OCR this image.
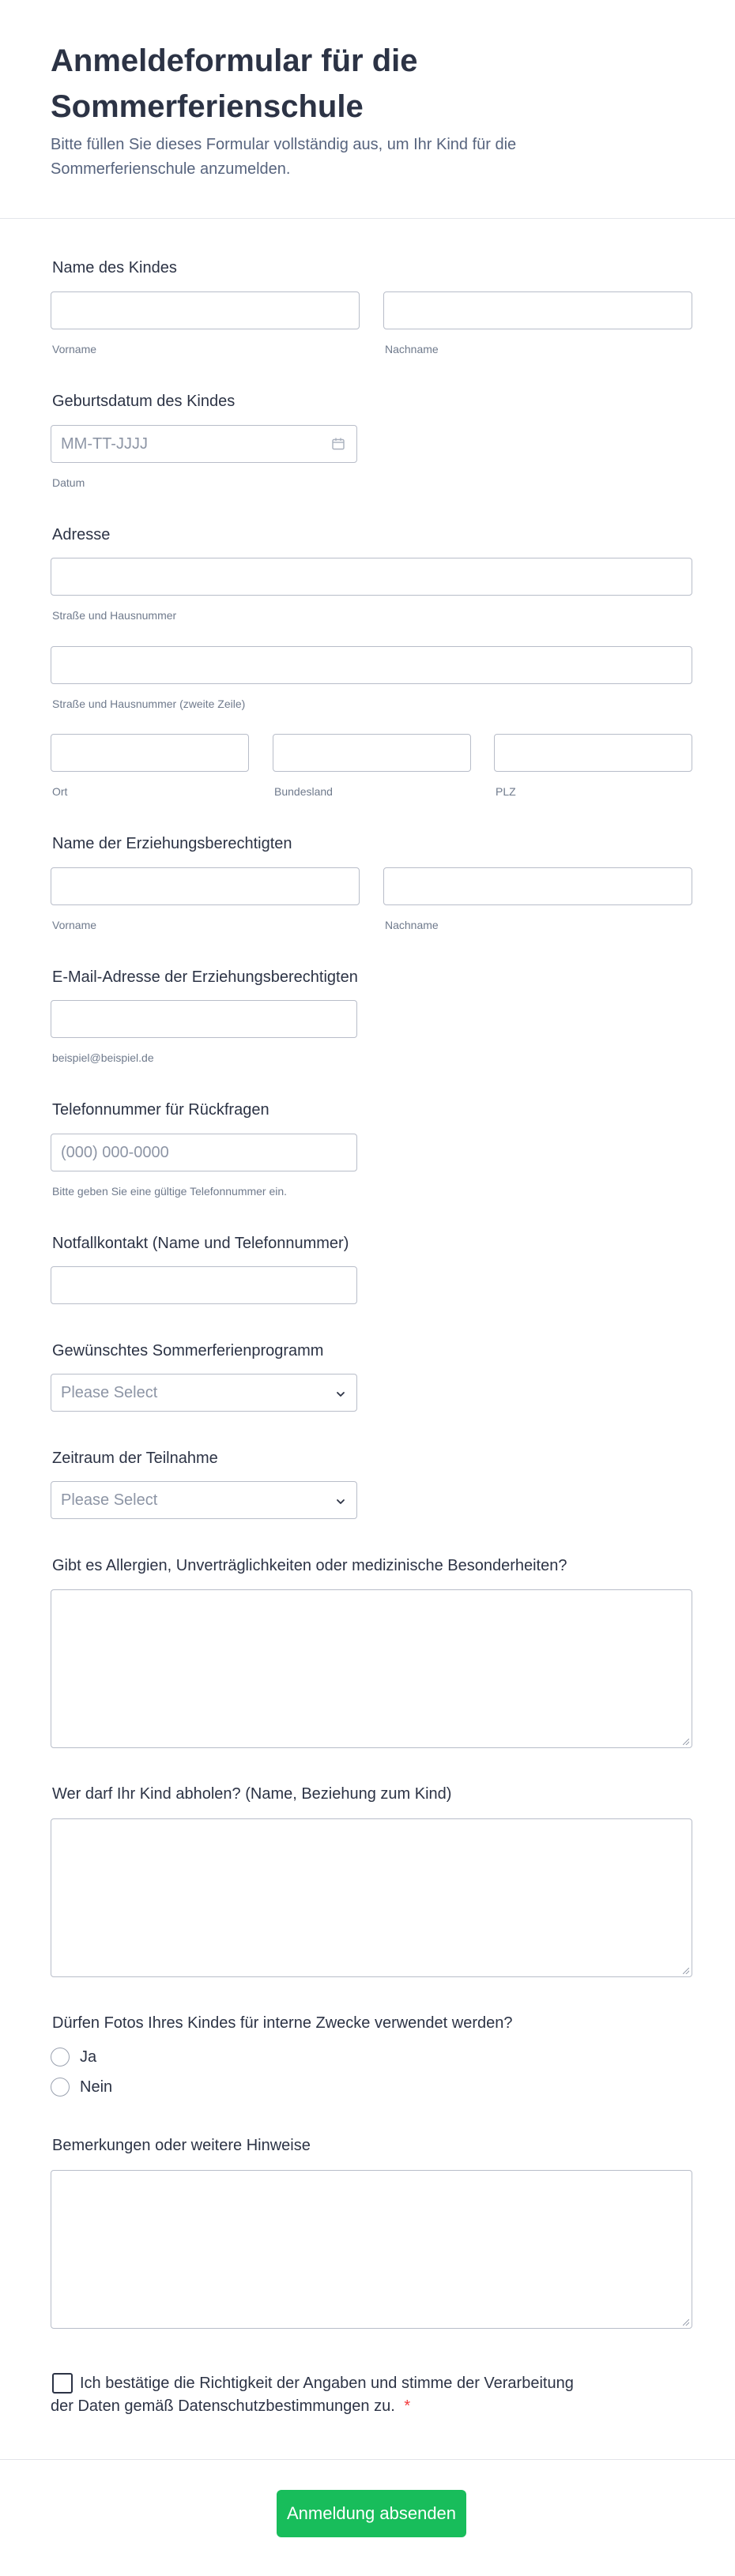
Anmeldeformular für die Sommerferienschule

Bitte füllen Sie dieses Formular vollständig aus, um Ihr Kind für die Sommerferienschule anzumelden.

Name des Kindes
Vorname	Nachname
Geburtsdatum des Kindes
MM-TT-JJJJ
Datum
Adresse
Straße und Hausnummer
Straße und Hausnummer (zweite Zeile)
Ort	Bundesland	PLZ
Name der Erziehungsberechtigten
Vorname	Nachname
E-Mail-Adresse der Erziehungsberechtigten
beispiel@beispiel.de
Telefonnummer für Rückfragen
(000) 000-0000
Bitte geben Sie eine gültige Telefonnummer ein.
Notfallkontakt (Name und Telefonnummer)
Gewünschtes Sommerferienprogramm
Please Select
Zeitraum der Teilnahme
Please Select
Gibt es Allergien, Unverträglichkeiten oder medizinische Besonderheiten?
Wer darf Ihr Kind abholen? (Name, Beziehung zum Kind)
Dürfen Fotos Ihres Kindes für interne Zwecke verwendet werden?
Ja
Nein
Bemerkungen oder weitere Hinweise
Ich bestätige die Richtigkeit der Angaben und stimme der Verarbeitung
der Daten gemäß Datenschutzbestimmungen zu. *
Anmeldung absenden
